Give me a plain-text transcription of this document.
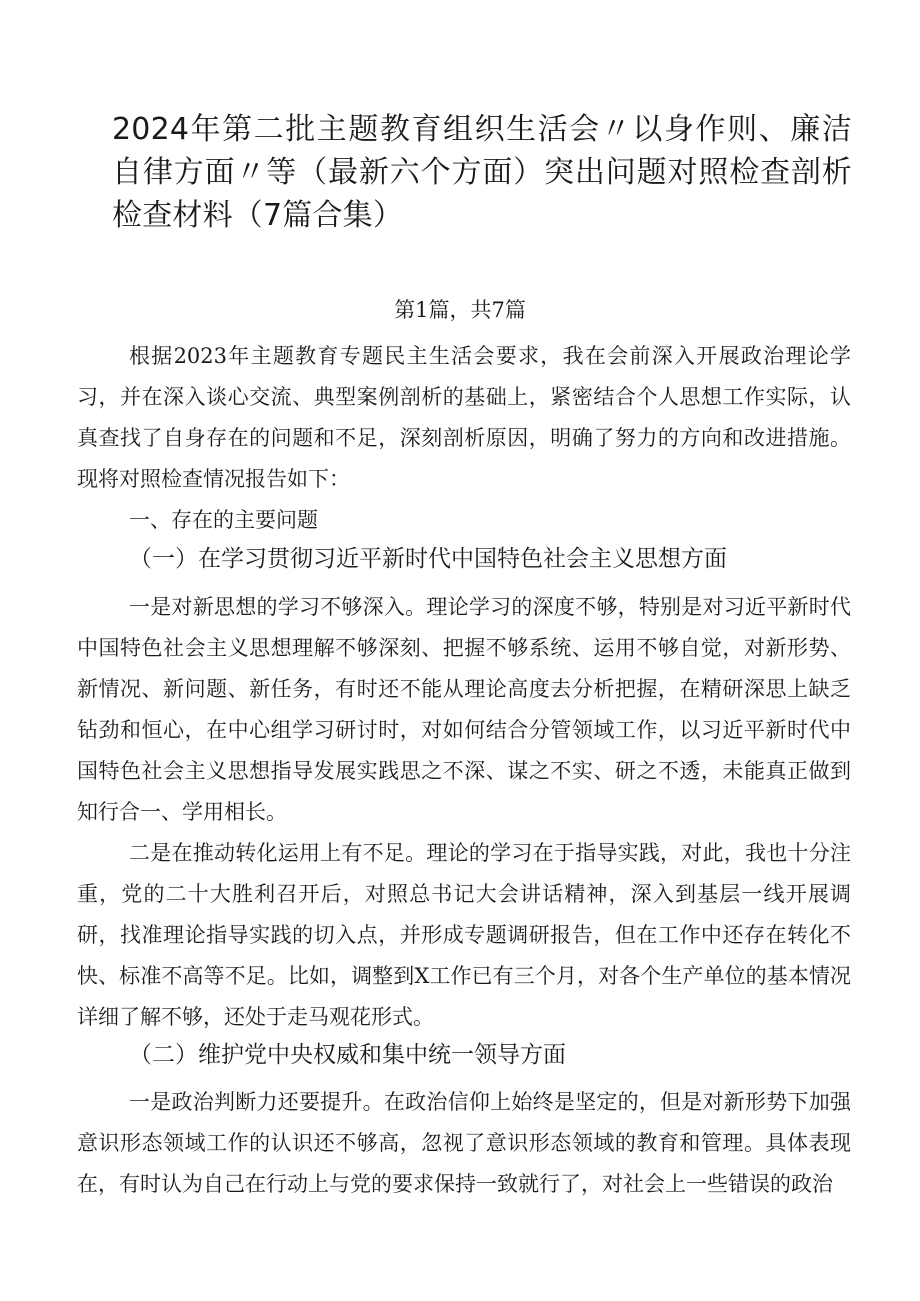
2024年第二批主题教育组织生活会〃以身作则、廉洁自律方面〃等（最新六个方面）突出问题对照检查剖析检查材料（7篇合集）
第1篇，共7篇

根据2023年主题教育专题民主生活会要求，我在会前深入开展政治理论学习，并在深入谈心交流、典型案例剖析的基础上，紧密结合个人思想工作实际，认真查找了自身存在的问题和不足，深刻剖析原因，明确了努力的方向和改进措施。现将对照检查情况报告如下：

一、存在的主要问题
（一）在学习贯彻习近平新时代中国特色社会主义思想方面

一是对新思想的学习不够深入。理论学习的深度不够，特别是对习近平新时代中国特色社会主义思想理解不够深刻、把握不够系统、运用不够自觉，对新形势、新情况、新问题、新任务，有时还不能从理论高度去分析把握，在精研深思上缺乏钻劲和恒心，在中心组学习研讨时，对如何结合分管领域工作，以习近平新时代中国特色社会主义思想指导发展实践思之不深、谋之不实、研之不透，未能真正做到知行合一、学用相长。

二是在推动转化运用上有不足。理论的学习在于指导实践，对此，我也十分注重，党的二十大胜利召开后，对照总书记大会讲话精神，深入到基层一线开展调研，找准理论指导实践的切入点，并形成专题调研报告，但在工作中还存在转化不快、标准不高等不足。比如，调整到X工作已有三个月，对各个生产单位的基本情况详细了解不够，还处于走马观花形式。

（二）维护党中央权威和集中统一领导方面

一是政治判断力还要提升。在政治信仰上始终是坚定的，但是对新形势下加强意识形态领域工作的认识还不够高，忽视了意识形态领域的教育和管理。具体表现在，有时认为自己在行动上与党的要求保持一致就行了，对社会上一些错误的政治
